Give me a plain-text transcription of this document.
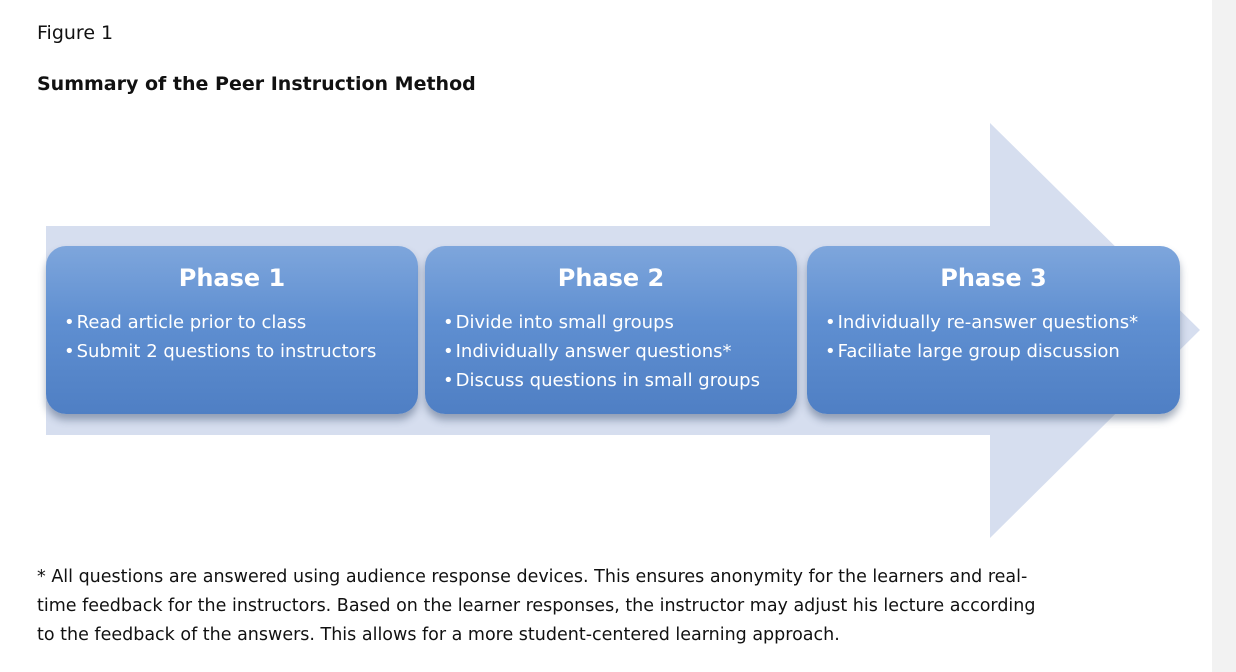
Figure 1
Summary of the Peer Instruction Method
Phase 1
• Read article prior to class
• Submit 2 questions to instructors
Phase 2
• Divide into small groups
• Individually answer questions*
• Discuss questions in small groups
Phase 3
• Individually re-answer questions*
• Faciliate large group discussion
* All questions are answered using audience response devices. This ensures anonymity for the learners and real-
time feedback for the instructors. Based on the learner responses, the instructor may adjust his lecture according
to the feedback of the answers. This allows for a more student-centered learning approach.
